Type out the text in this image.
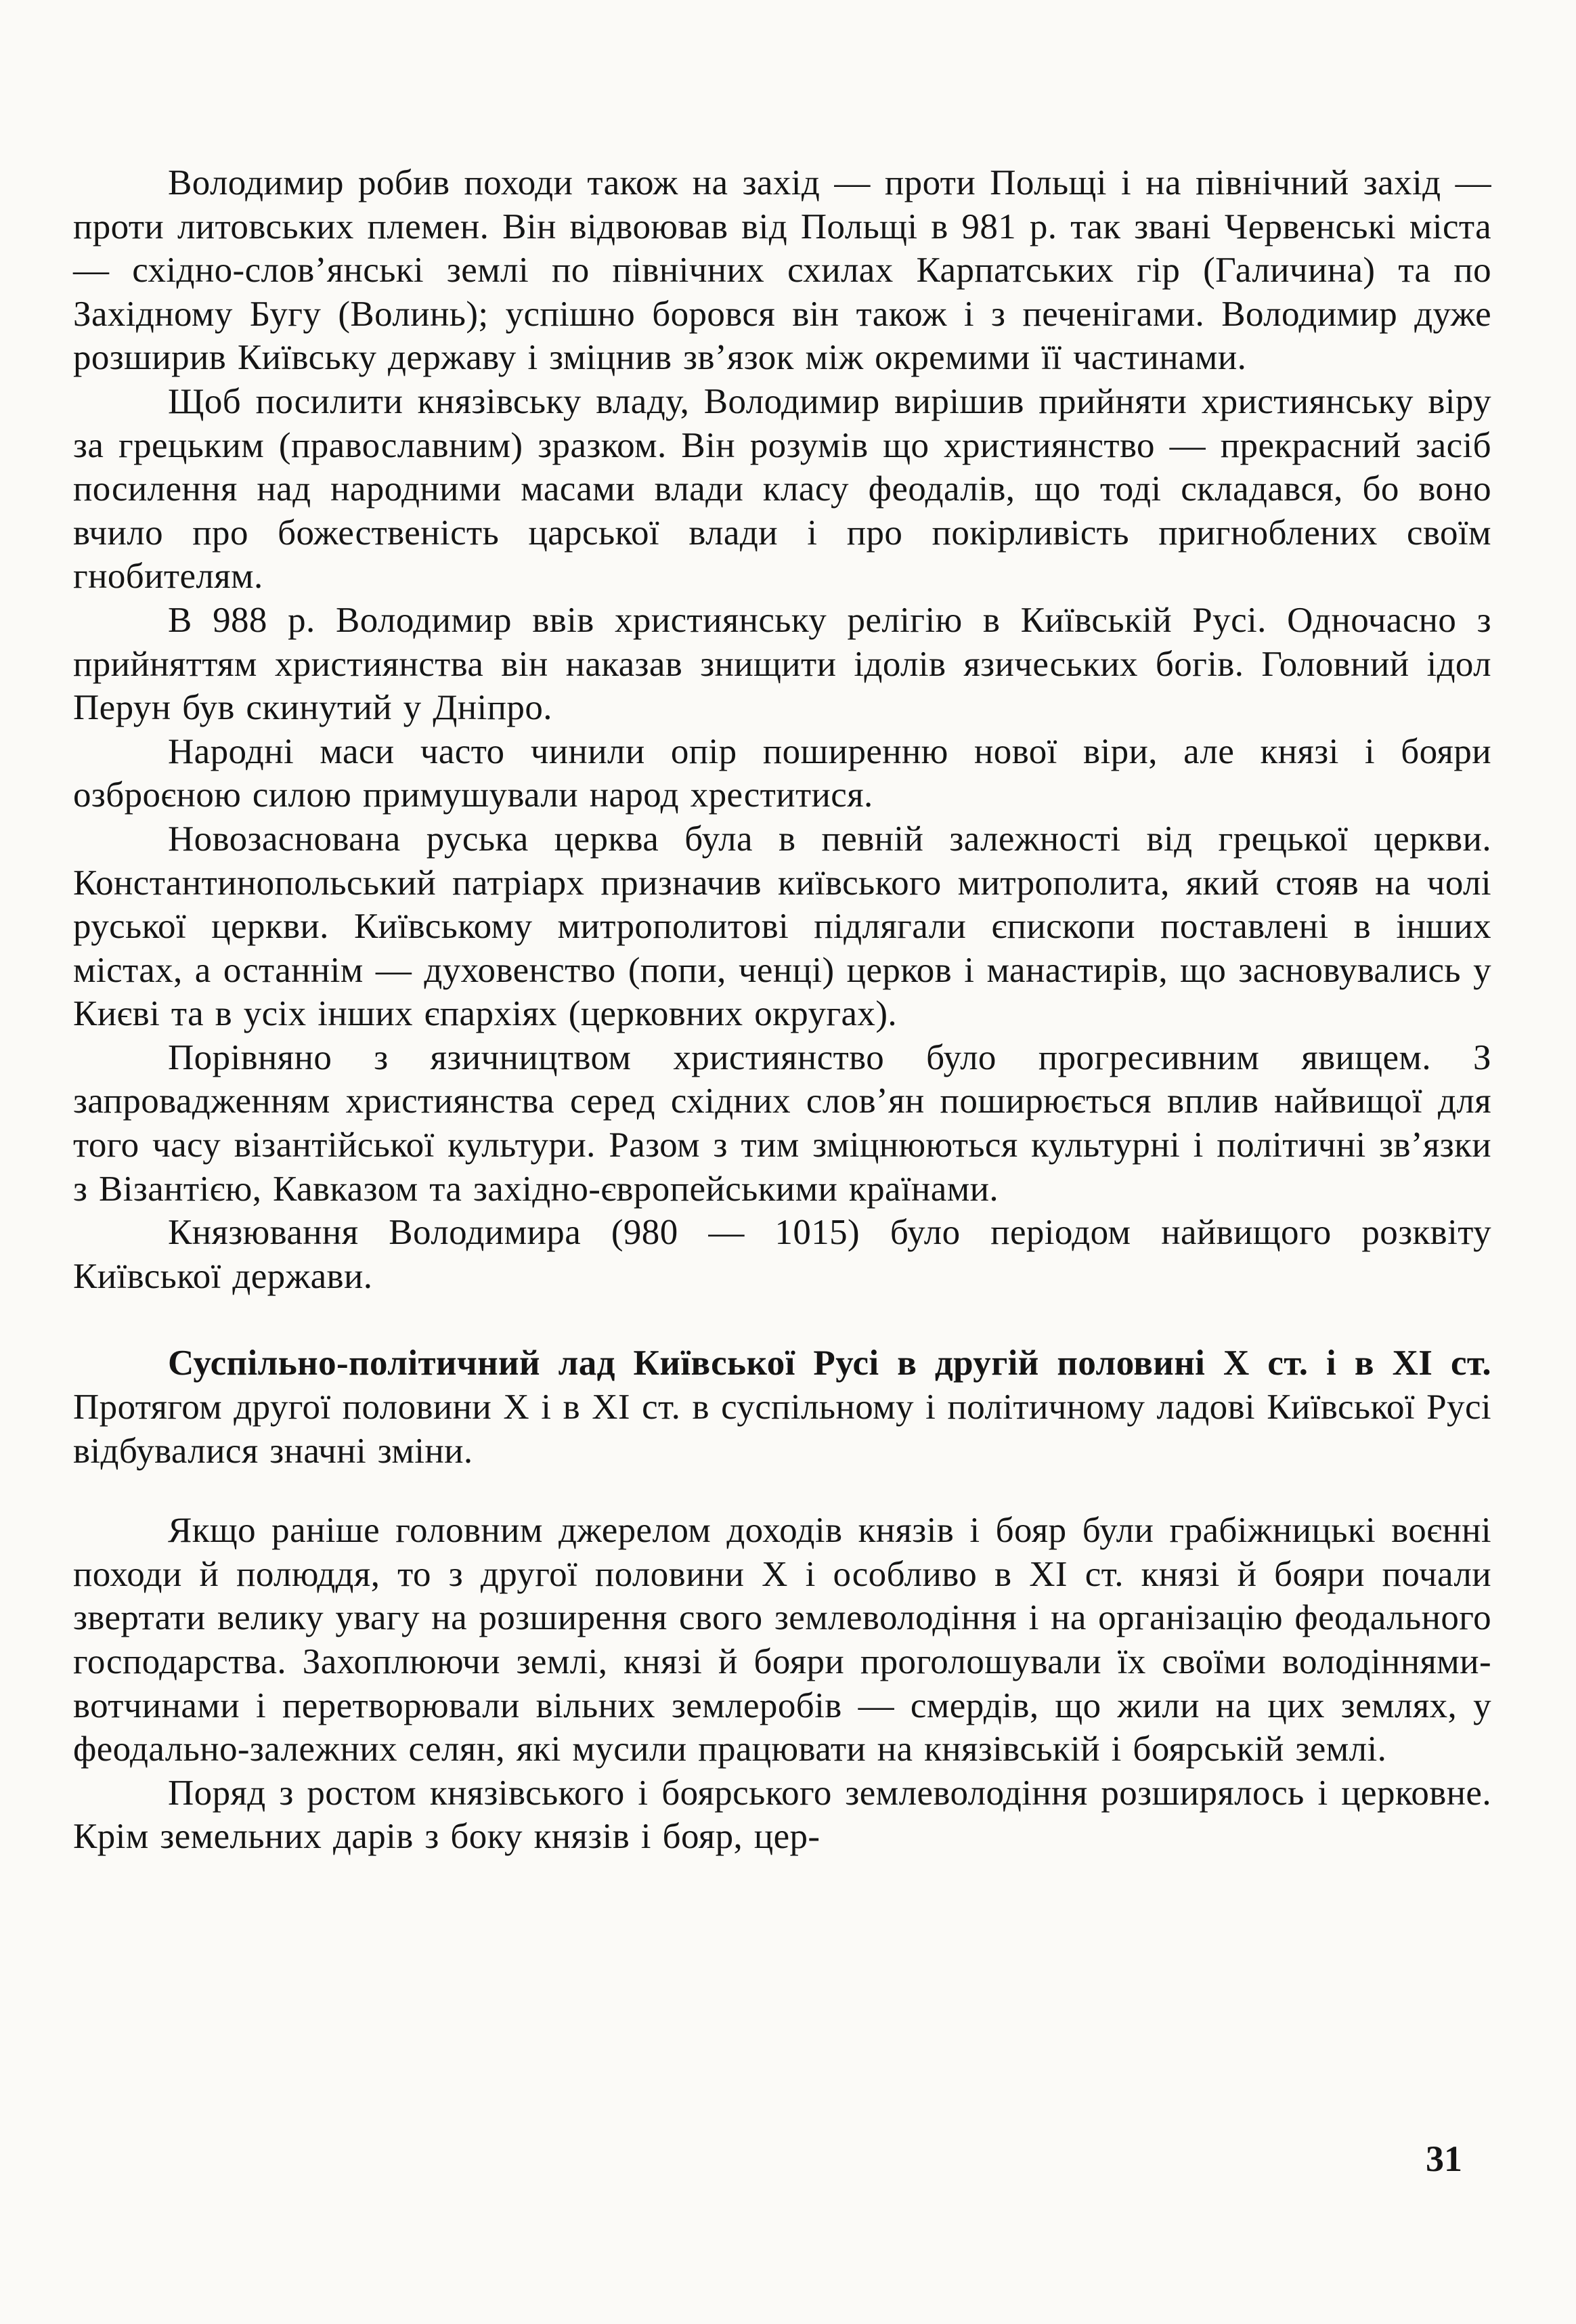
Володимир робив походи також на захід — проти Польщі і на північний захід — проти литовських племен. Він відвоював від Польщі в 981 р. так звані Червенські міста — східно-слов’янські землі по північних схилах Карпатських гір (Галичина) та по Західному Бугу (Волинь); успішно боровся він також і з печенігами. Володимир дуже розширив Київську державу і зміцнив зв’язок між окремими її частинами.

Щоб посилити князівську владу, Володимир вирішив прийняти християнську віру за грецьким (православним) зразком. Він розумів що християнство — прекрасний засіб посилення над народними масами влади класу феодалів, що тоді складався, бо воно вчило про божественість царської влади і про покірливість пригноблених своїм гнобителям.

В 988 р. Володимир ввів християнську релігію в Київській Русі. Одночасно з прийняттям християнства він наказав знищити ідолів язичеських богів. Головний ідол Перун був скинутий у Дніпро.

Народні маси часто чинили опір поширенню нової віри, але князі і бояри озброєною силою примушували народ хреститися.

Новозаснована руська церква була в певній залежності від грецької церкви. Константинопольський патріарх призначив київського митрополита, який стояв на чолі руської церкви. Київському митрополитові підлягали єпископи поставлені в інших містах, а останнім — духовенство (попи, ченці) церков і манастирів, що засновувались у Києві та в усіх інших єпархіях (церковних округах).

Порівняно з язичництвом християнство було прогресивним явищем. З запровадженням християнства серед східних слов’ян поширюється вплив найвищої для того часу візантійської культури. Разом з тим зміцнюються культурні і політичні зв’язки з Візантією, Кавказом та західно-європейськими країнами.

Князювання Володимира (980 — 1015) було періодом найвищого розквіту Київської держави.

Суспільно-політичний лад Київської Русі в другій половині X ст. і в XI ст. Протягом другої половини X і в XI ст. в суспільному і політичному ладові Київської Русі відбувалися значні зміни.

Якщо раніше головним джерелом доходів князів і бояр були грабіжницькі воєнні походи й полюддя, то з другої половини X і особливо в XI ст. князі й бояри почали звертати велику увагу на розширення свого землеволодіння і на організацію феодального господарства. Захоплюючи землі, князі й бояри проголошували їх своїми володіннями-вотчинами і перетворювали вільних землеробів — смердів, що жили на цих землях, у феодально-залежних селян, які мусили працювати на князівській і боярській землі.

Поряд з ростом князівського і боярського землеволодіння розширялось і церковне. Крім земельних дарів з боку князів і бояр, цер-

31
